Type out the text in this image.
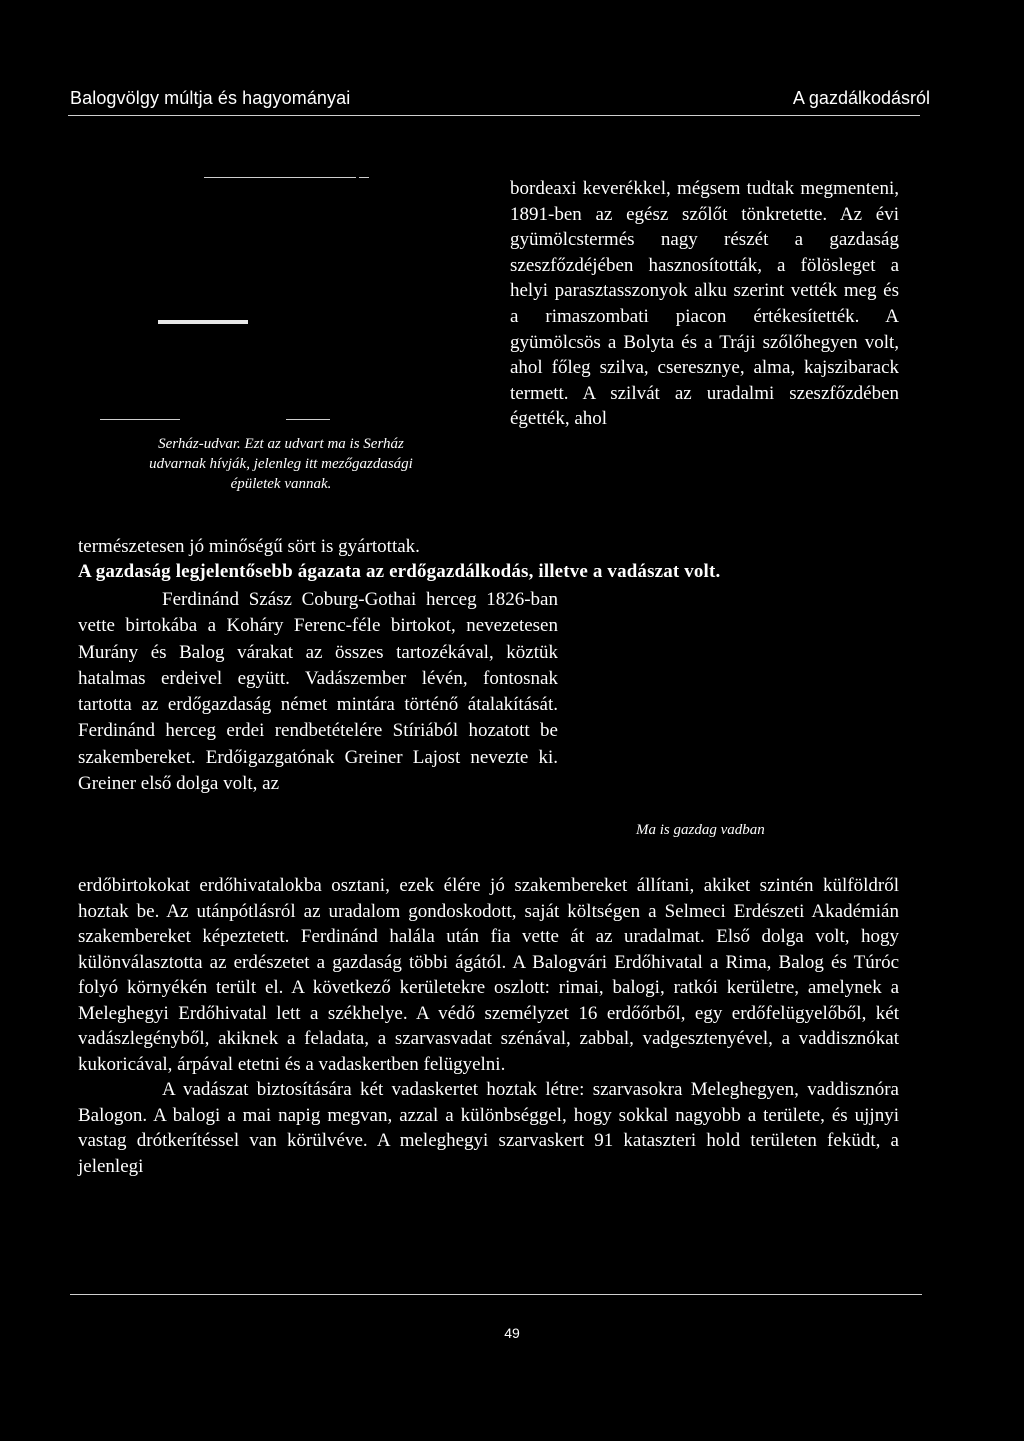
Balogvölgy múltja és hagyományai	A gazdálkodásról
Serház-udvar. Ezt az udvart ma is Serház
udvarnak hívják, jelenleg itt mezőgazdasági
épületek vannak.

bordeaxi keverékkel, mégsem tudtak megmenteni, 1891-ben az egész szőlőt tönkretette. Az évi gyümölcstermés nagy részét a gazdaság szeszfőzdéjében hasznosították, a fölösleget a helyi parasztasszonyok alku szerint vették meg és a rimaszombati piacon értékesítették. A gyümölcsös a Bolyta és a Tráji szőlőhegyen volt, ahol főleg szilva, cseresznye, alma, kajszibarack termett. A szilvát az uradalmi szeszfőzdében égették, ahol

természetesen jó minőségű sört is gyártottak.
A gazdaság legjelentősebb ágazata az erdőgazdálkodás, illetve a vadászat volt.

Ferdinánd Szász Coburg-Gothai herceg 1826-ban vette birtokába a Koháry Ferenc-féle birtokot, nevezetesen Murány és Balog várakat az összes tartozékával, köztük hatalmas erdeivel együtt. Vadászember lévén, fontosnak tartotta az erdőgazdaság német mintára történő átalakítását. Ferdinánd herceg erdei rendbetételére Stíriából hozatott be szakembereket. Erdőigazgatónak Greiner Lajost nevezte ki. Greiner első dolga volt, az

Ma is gazdag vadban

erdőbirtokokat erdőhivatalokba osztani, ezek élére jó szakembereket állítani, akiket szintén külföldről hoztak be. Az utánpótlásról az uradalom gondoskodott, saját költségen a Selmeci Erdészeti Akadémián szakembereket képeztetett. Ferdinánd halála után fia vette át az uradalmat. Első dolga volt, hogy különválasztotta az erdészetet a gazdaság többi ágától. A Balogvári Erdőhivatal a Rima, Balog és Túróc folyó környékén terült el. A következő kerületekre oszlott: rimai, balogi, ratkói kerületre, amelynek a Meleghegyi Erdőhivatal lett a székhelye. A védő személyzet 16 erdőőrből, egy erdőfelügyelőből, két vadászlegényből, akiknek a feladata, a szarvasvadat szénával, zabbal, vadgesztenyével, a vaddisznókat kukoricával, árpával etetni és a vadaskertben felügyelni.

A vadászat biztosítására két vadaskertet hoztak létre: szarvasokra Meleghegyen, vaddisznóra Balogon. A balogi a mai napig megvan, azzal a különbséggel, hogy sokkal nagyobb a területe, és ujjnyi vastag drótkerítéssel van körülvéve. A meleghegyi szarvaskert 91 kataszteri hold területen feküdt, a jelenlegi

49
